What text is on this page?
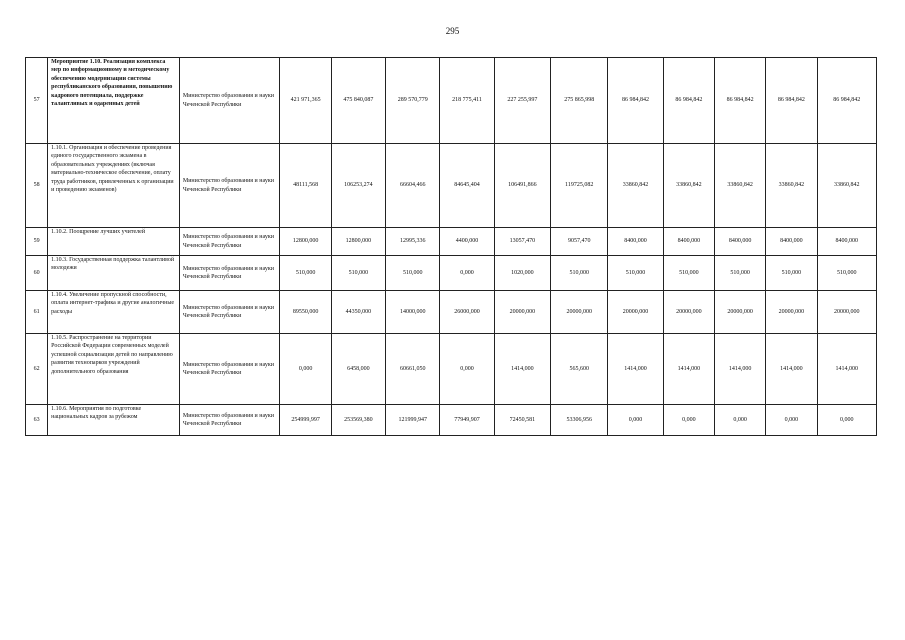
295
57	Мероприятие 1.10. Реализация комплекса мер по информационному и методическому обеспечению модернизации системы республиканского образования, повышению кадрового потенциала, поддержке талантливых и одаренных детей	Министерство образования и науки Чеченской Республики	421 971,365	475 840,087	289 570,779	218 775,411	227 255,997	275 865,998	86 984,842	86 984,842	86 984,842	86 984,842	86 984,842
58	1.10.1. Организация и обеспечение проведения единого государственного экзамена в образовательных учреждениях (включая материально-техническое обеспечение, оплату труда работников, привлеченных к организации и проведению экзаменов)	Министерство образования и науки Чеченской Республики	48111,568	106253,274	66604,466	84645,404	106491,866	119725,082	33860,842	33860,842	33860,842	33860,842	33860,842
59	1.10.2. Поощрение лучших учителей	Министерство образования и науки Чеченской Республики	12800,000	12800,000	12995,336	4400,000	13057,470	9057,470	8400,000	8400,000	8400,000	8400,000	8400,000
60	1.10.3. Государственная поддержка талантливой молодежи	Министерство образования и науки Чеченской Республики	510,000	510,000	510,000	0,000	1020,000	510,000	510,000	510,000	510,000	510,000	510,000
61	1.10.4. Увеличение пропускной способности, оплата интернет-трафика и другие аналогичные расходы	Министерство образования и науки Чеченской Республики	89550,000	44350,000	14000,000	26000,000	20000,000	20000,000	20000,000	20000,000	20000,000	20000,000	20000,000
62	1.10.5. Распространение на территории Российской Федерации современных моделей успешной социализации детей по направлению развития технопарков учреждений дополнительного образования	Министерство образования и науки Чеченской Республики	0,000	6458,000	60661,050	0,000	1414,000	565,600	1414,000	1414,000	1414,000	1414,000	1414,000
63	1.10.6. Мероприятия по подготовке национальных кадров за рубежом	Министерство образования и науки Чеченской Республики	254999,997	253569,380	121999,947	77949,907	72450,581	53306,956	0,000	0,000	0,000	0,000	0,000
